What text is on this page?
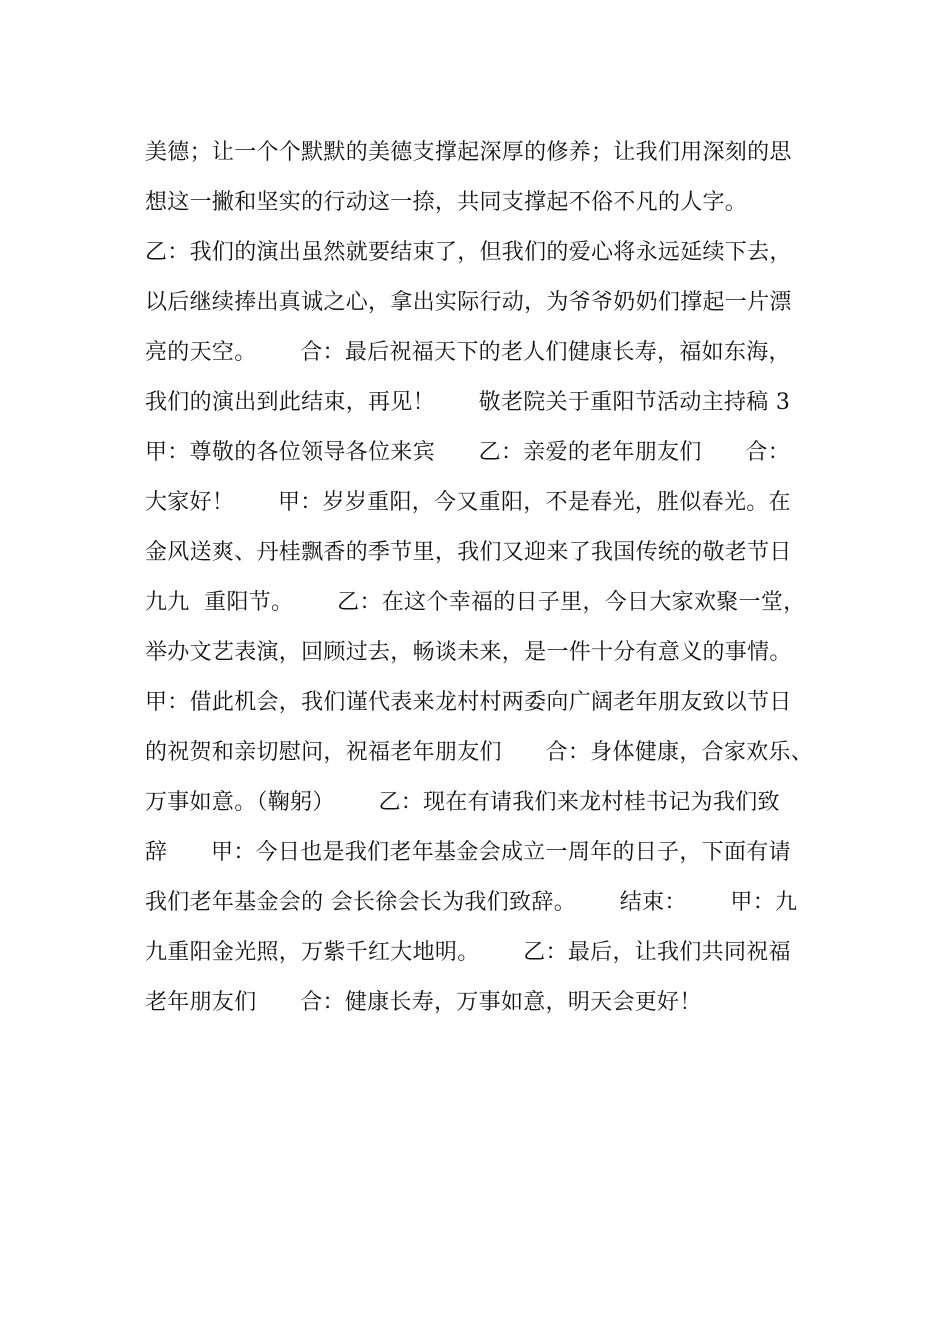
美德；让一个个默默的美德支撑起深厚的修养；让我们用深刻的思
想这一撇和坚实的行动这一捺，共同支撑起不俗不凡的人字。
乙：我们的演出虽然就要结束了，但我们的爱心将永远延续下去，
以后继续捧出真诚之心，拿出实际行动，为爷爷奶奶们撑起一片漂
亮的天空。      合：最后祝福天下的老人们健康长寿，福如东海，
我们的演出到此结束，再见！      敬老院关于重阳节活动主持稿 3
甲：尊敬的各位领导各位来宾      乙：亲爱的老年朋友们      合：
大家好！      甲：岁岁重阳，今又重阳，不是春光，胜似春光。在
金风送爽、丹桂飘香的季节里，我们又迎来了我国传统的敬老节日
九九  重阳节。      乙：在这个幸福的日子里，今日大家欢聚一堂，
举办文艺表演，回顾过去，畅谈未来，是一件十分有意义的事情。
甲：借此机会，我们谨代表来龙村村两委向广阔老年朋友致以节日
的祝贺和亲切慰问，祝福老年朋友们      合：身体健康，合家欢乐、
万事如意。（鞠躬）      乙：现在有请我们来龙村桂书记为我们致
辞      甲：今日也是我们老年基金会成立一周年的日子，下面有请
我们老年基金会的 会长徐会长为我们致辞。      结束：      甲：九
九重阳金光照，万紫千红大地明。      乙：最后，让我们共同祝福
老年朋友们      合：健康长寿，万事如意，明天会更好！
